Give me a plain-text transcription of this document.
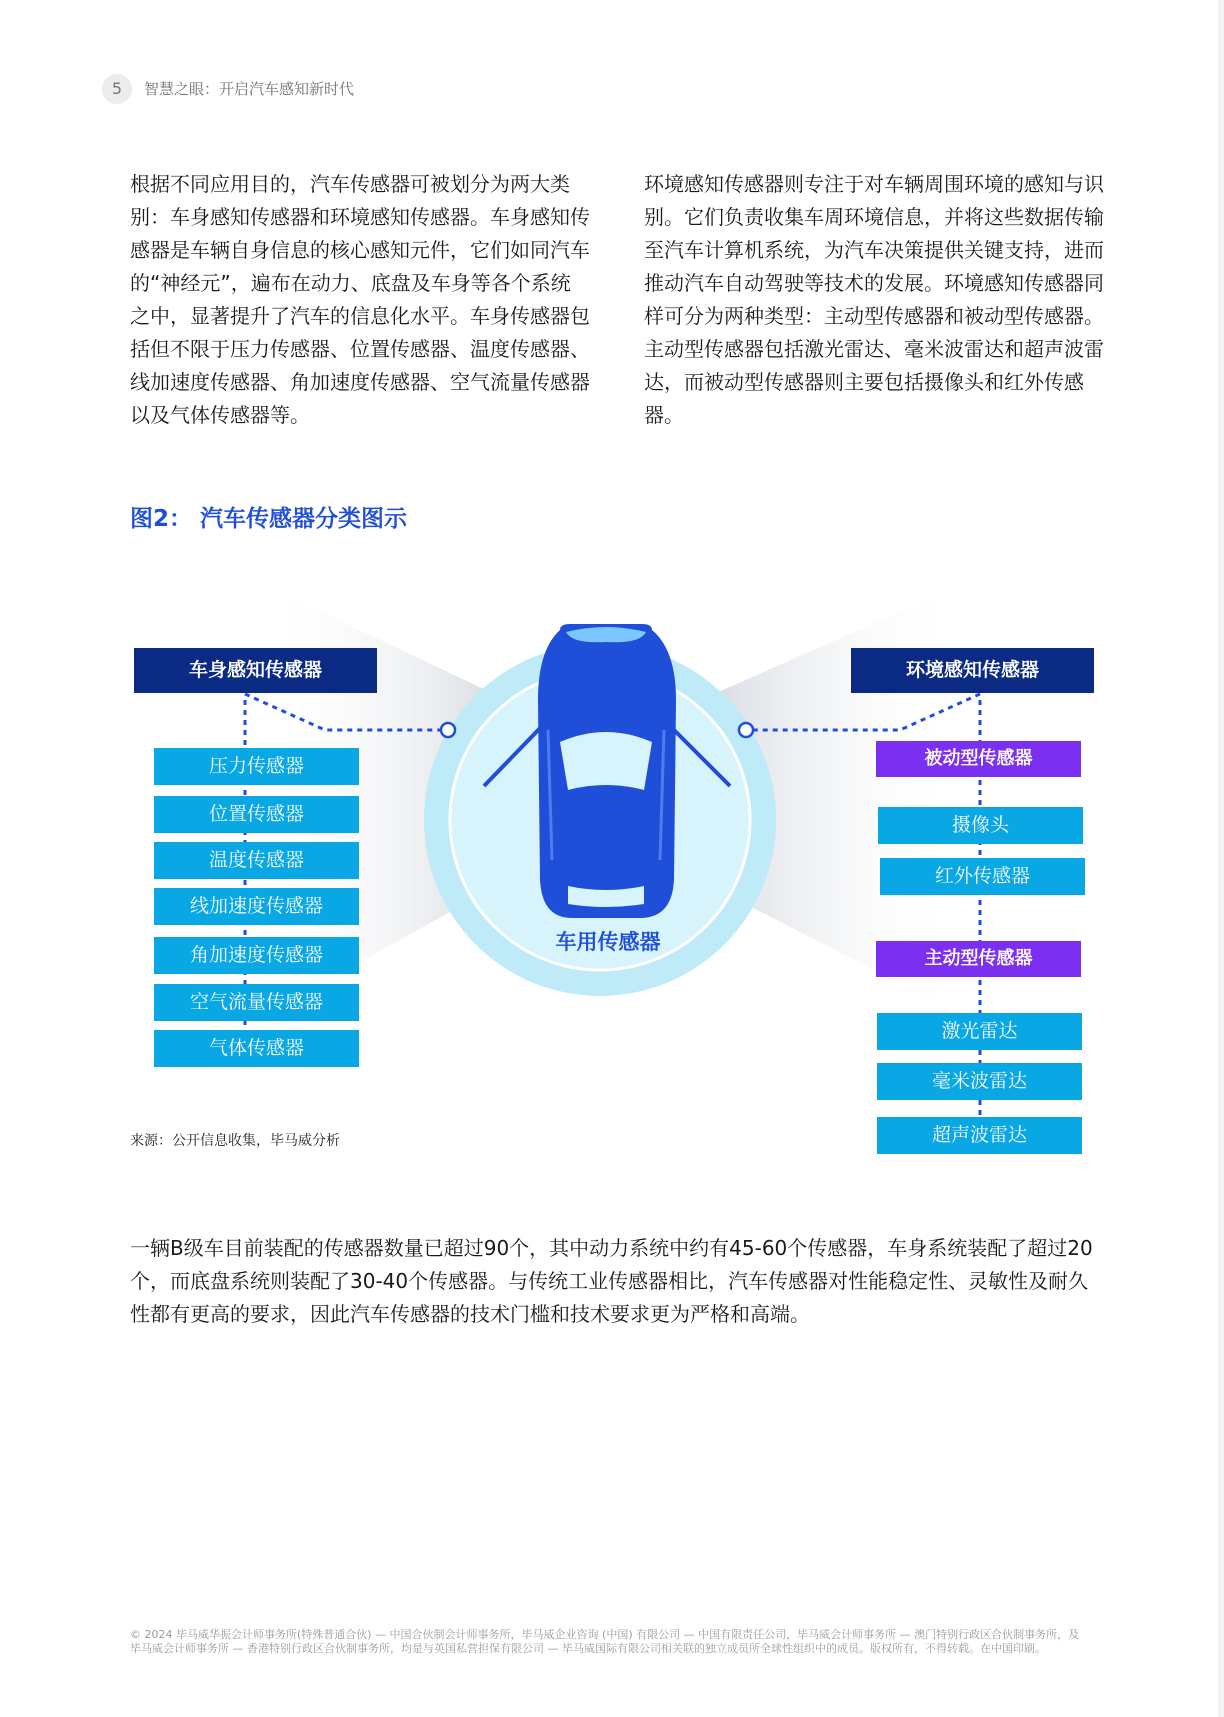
5	智慧之眼：开启汽车感知新时代

根据不同应用目的，汽车传感器可被划分为两大类别：车身感知传感器和环境感知传感器。车身感知传感器是车辆自身信息的核心感知元件，它们如同汽车的“神经元”，遍布在动力、底盘及车身等各个系统之中，显著提升了汽车的信息化水平。车身传感器包括但不限于压力传感器、位置传感器、温度传感器、线加速度传感器、角加速度传感器、空气流量传感器以及气体传感器等。

环境感知传感器则专注于对车辆周围环境的感知与识别。它们负责收集车周环境信息，并将这些数据传输至汽车计算机系统，为汽车决策提供关键支持，进而推动汽车自动驾驶等技术的发展。环境感知传感器同样可分为两种类型：主动型传感器和被动型传感器。主动型传感器包括激光雷达、毫米波雷达和超声波雷达，而被动型传感器则主要包括摄像头和红外传感器。

图2： 汽车传感器分类图示
车用传感器
车身感知传感器
压力传感器
位置传感器
温度传感器
线加速度传感器
角加速度传感器
空气流量传感器
气体传感器
环境感知传感器
被动型传感器
摄像头
红外传感器
主动型传感器
激光雷达
毫米波雷达
超声波雷达
来源：公开信息收集，毕马威分析

一辆B级车目前装配的传感器数量已超过90个，其中动力系统中约有45-60个传感器，车身系统装配了超过20个，而底盘系统则装配了30-40个传感器。与传统工业传感器相比，汽车传感器对性能稳定性、灵敏性及耐久性都有更高的要求，因此汽车传感器的技术门槛和技术要求更为严格和高端。

© 2024 毕马威华振会计师事务所(特殊普通合伙) — 中国合伙制会计师事务所，毕马威企业咨询 (中国) 有限公司 — 中国有限责任公司，毕马威会计师事务所 — 澳门特别行政区合伙制事务所，及毕马威会计师事务所 — 香港特别行政区合伙制事务所，均是与英国私营担保有限公司 — 毕马威国际有限公司相关联的独立成员所全球性组织中的成员。版权所有，不得转载。在中国印刷。
